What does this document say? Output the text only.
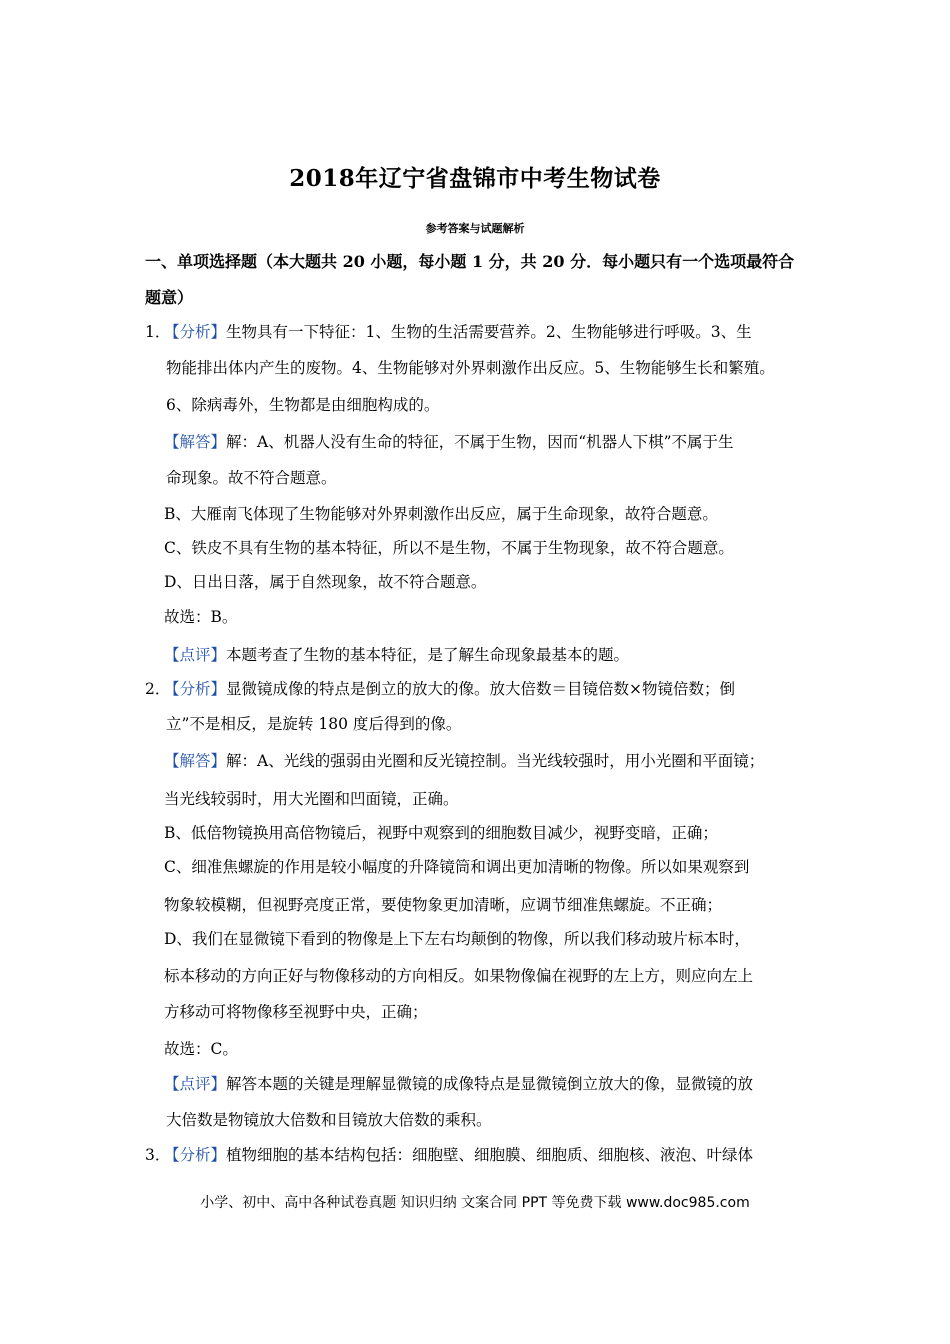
2018年辽宁省盘锦市中考生物试卷
参考答案与试题解析
一、单项选择题（本大题共 20 小题，每小题 1 分，共 20 分．每小题只有一个选项最符合
题意）
1．
【分析】生物具有一下特征：1、生物的生活需要营养。2、生物能够进行呼吸。3、生
物能排出体内产生的废物。4、生物能够对外界刺激作出反应。5、生物能够生长和繁殖。
6、除病毒外，生物都是由细胞构成的。
【解答】解：A、机器人没有生命的特征，不属于生物，因而“机器人下棋”不属于生
命现象。故不符合题意。
B、大雁南飞体现了生物能够对外界刺激作出反应，属于生命现象，故符合题意。
C、铁皮不具有生物的基本特征，所以不是生物，不属于生物现象，故不符合题意。
D、日出日落，属于自然现象，故不符合题意。
故选：B。
【点评】本题考查了生物的基本特征，是了解生命现象最基本的题。
2．
【分析】显微镜成像的特点是倒立的放大的像。放大倍数＝目镜倍数×物镜倍数；倒
立”不是相反，是旋转 180 度后得到的像。
【解答】解：A、光线的强弱由光圈和反光镜控制。当光线较强时，用小光圈和平面镜；
当光线较弱时，用大光圈和凹面镜，正确。
B、低倍物镜换用高倍物镜后，视野中观察到的细胞数目减少，视野变暗，正确；
C、细准焦螺旋的作用是较小幅度的升降镜筒和调出更加清晰的物像。所以如果观察到
物象较模糊，但视野亮度正常，要使物象更加清晰，应调节细准焦螺旋。不正确；
D、我们在显微镜下看到的物像是上下左右均颠倒的物像，所以我们移动玻片标本时，
标本移动的方向正好与物像移动的方向相反。如果物像偏在视野的左上方，则应向左上
方移动可将物像移至视野中央，正确；
故选：C。
【点评】解答本题的关键是理解显微镜的成像特点是显微镜倒立放大的像，显微镜的放
大倍数是物镜放大倍数和目镜放大倍数的乘积。
3．
【分析】植物细胞的基本结构包括：细胞壁、细胞膜、细胞质、细胞核、液泡、叶绿体
小学、初中、高中各种试卷真题 知识归纳 文案合同 PPT 等免费下载 www.doc985.com
